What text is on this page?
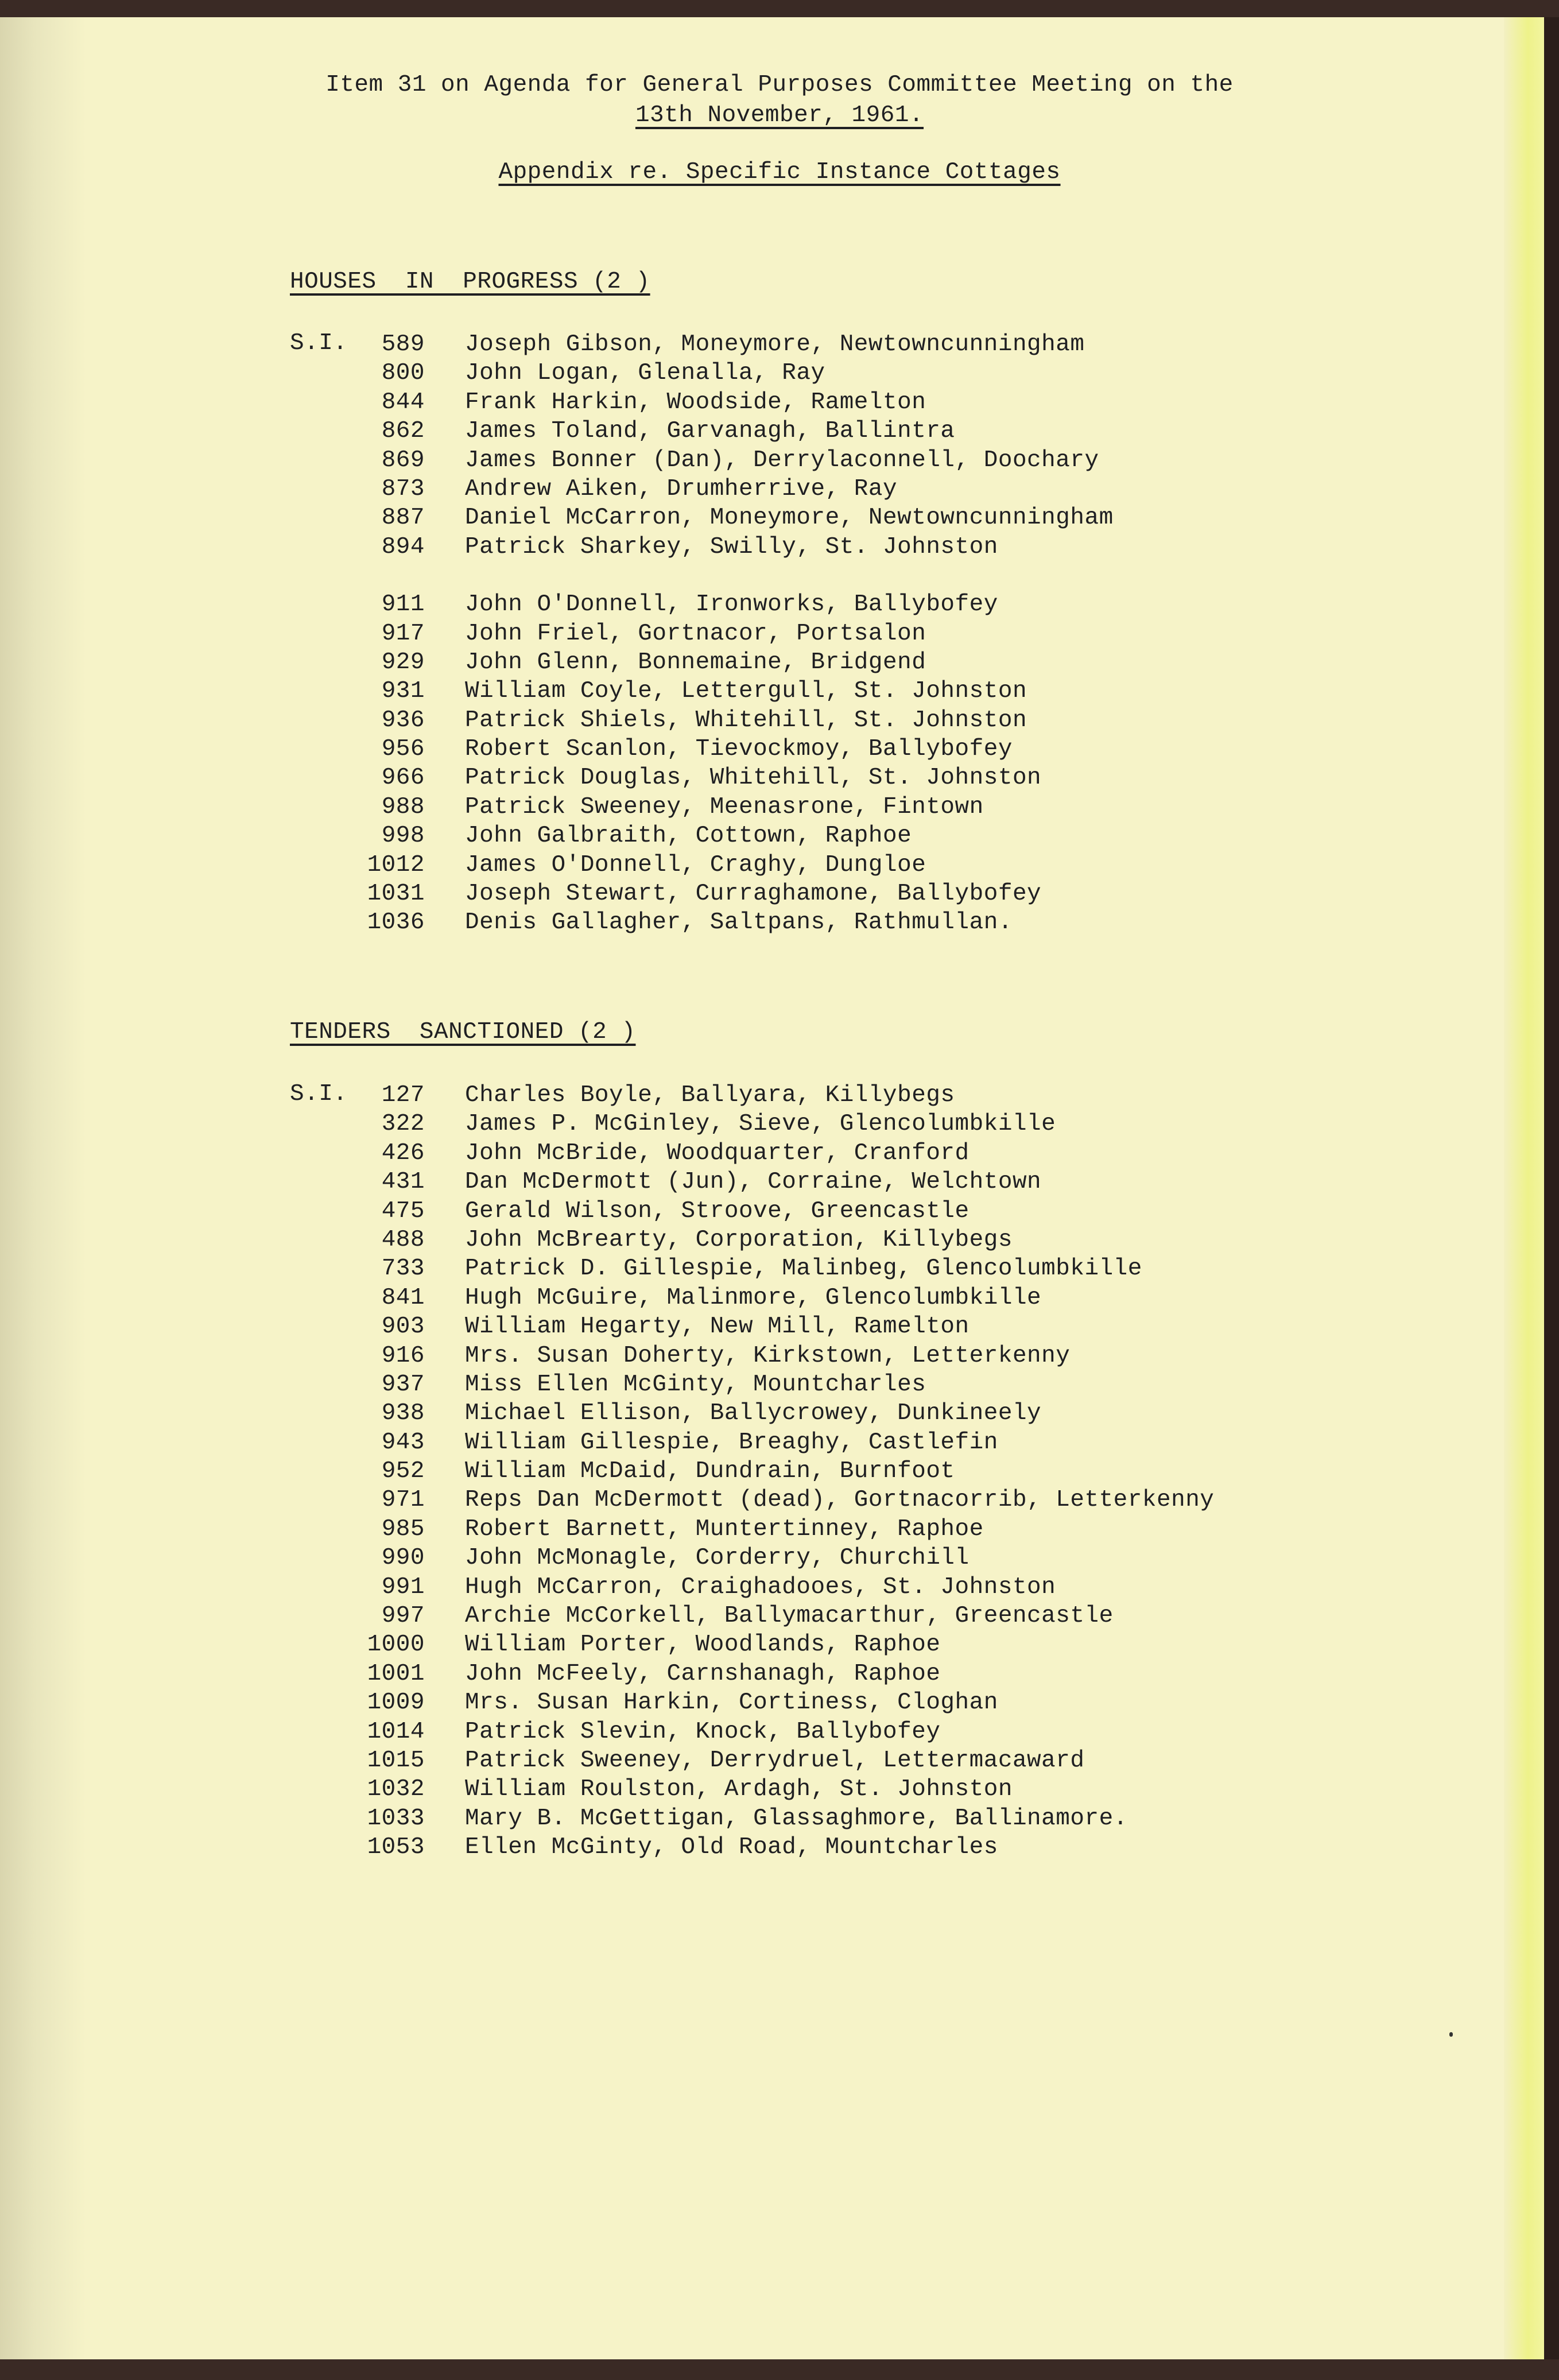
Item 31 on Agenda for General Purposes Committee Meeting on the
13th November, 1961.
Appendix re. Specific Instance Cottages
HOUSES  IN  PROGRESS (2 )
S.I.	589 Joseph Gibson, Moneymore, Newtowncunningham
800 John Logan, Glenalla, Ray
844 Frank Harkin, Woodside, Ramelton
862 James Toland, Garvanagh, Ballintra
869 James Bonner (Dan), Derrylaconnell, Doochary
873 Andrew Aiken, Drumherrive, Ray
887 Daniel McCarron, Moneymore, Newtowncunningham
894 Patrick Sharkey, Swilly, St. Johnston
911 John O'Donnell, Ironworks, Ballybofey
917 John Friel, Gortnacor, Portsalon
929 John Glenn, Bonnemaine, Bridgend
931 William Coyle, Lettergull, St. Johnston
936 Patrick Shiels, Whitehill, St. Johnston
956 Robert Scanlon, Tievockmoy, Ballybofey
966 Patrick Douglas, Whitehill, St. Johnston
988 Patrick Sweeney, Meenasrone, Fintown
998 John Galbraith, Cottown, Raphoe
1012 James O'Donnell, Craghy, Dungloe
1031 Joseph Stewart, Curraghamone, Ballybofey
1036 Denis Gallagher, Saltpans, Rathmullan.
TENDERS  SANCTIONED (2 )
S.I.	127 Charles Boyle, Ballyara, Killybegs
322 James P. McGinley, Sieve, Glencolumbkille
426 John McBride, Woodquarter, Cranford
431 Dan McDermott (Jun), Corraine, Welchtown
475 Gerald Wilson, Stroove, Greencastle
488 John McBrearty, Corporation, Killybegs
733 Patrick D. Gillespie, Malinbeg, Glencolumbkille
841 Hugh McGuire, Malinmore, Glencolumbkille
903 William Hegarty, New Mill, Ramelton
916 Mrs. Susan Doherty, Kirkstown, Letterkenny
937 Miss Ellen McGinty, Mountcharles
938 Michael Ellison, Ballycrowey, Dunkineely
943 William Gillespie, Breaghy, Castlefin
952 William McDaid, Dundrain, Burnfoot
971 Reps Dan McDermott (dead), Gortnacorrib, Letterkenny
985 Robert Barnett, Muntertinney, Raphoe
990 John McMonagle, Corderry, Churchill
991 Hugh McCarron, Craighadooes, St. Johnston
997 Archie McCorkell, Ballymacarthur, Greencastle
1000 William Porter, Woodlands, Raphoe
1001 John McFeely, Carnshanagh, Raphoe
1009 Mrs. Susan Harkin, Cortiness, Cloghan
1014 Patrick Slevin, Knock, Ballybofey
1015 Patrick Sweeney, Derrydruel, Lettermacaward
1032 William Roulston, Ardagh, St. Johnston
1033 Mary B. McGettigan, Glassaghmore, Ballinamore.
1053 Ellen McGinty, Old Road, Mountcharles
